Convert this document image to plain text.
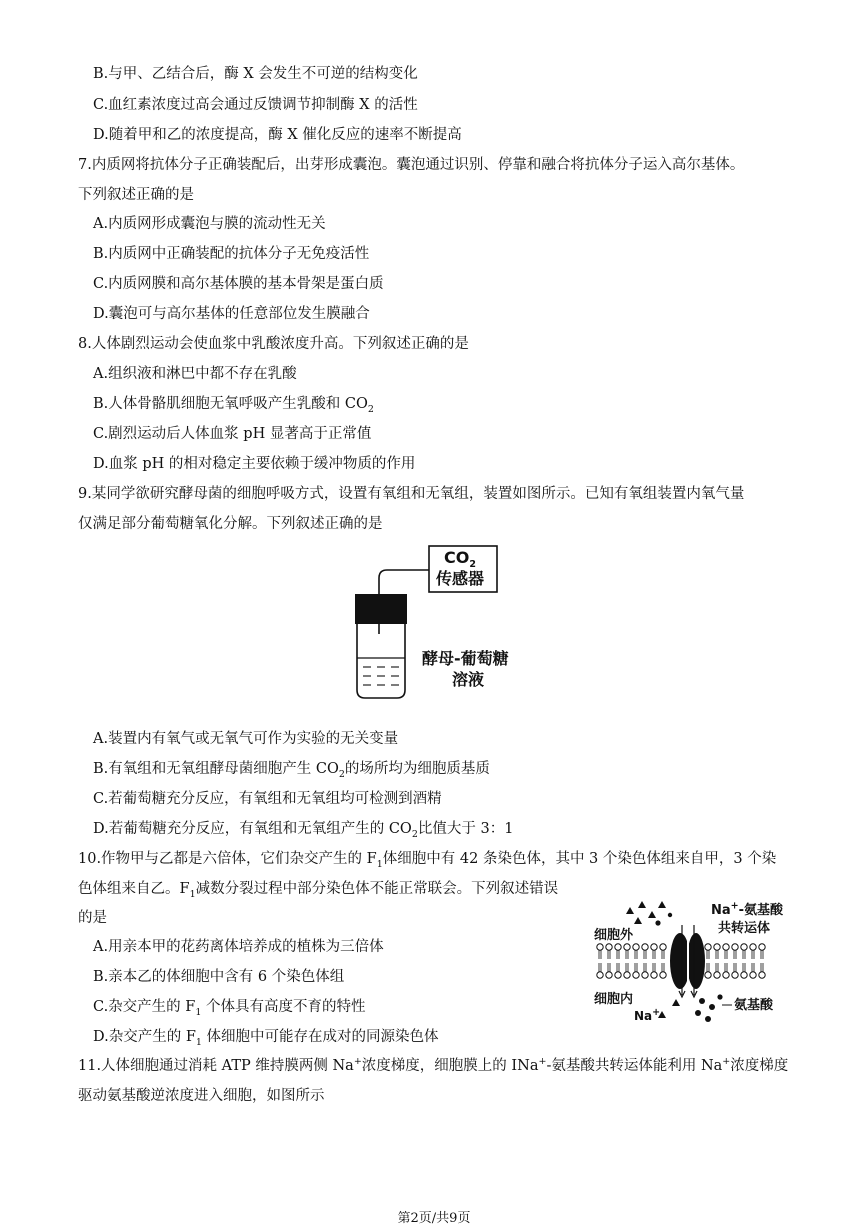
B.与甲、乙结合后，酶 X 会发生不可逆的结构变化
C.血红素浓度过高会通过反馈调节抑制酶 X 的活性
D.随着甲和乙的浓度提高，酶 X 催化反应的速率不断提高
7.内质网将抗体分子正确装配后，出芽形成囊泡。囊泡通过识别、停靠和融合将抗体分子运入高尔基体。
下列叙述正确的是
A.内质网形成囊泡与膜的流动性无关
B.内质网中正确装配的抗体分子无免疫活性
C.内质网膜和高尔基体膜的基本骨架是蛋白质
D.囊泡可与高尔基体的任意部位发生膜融合
8.人体剧烈运动会使血浆中乳酸浓度升高。下列叙述正确的是
A.组织液和淋巴中都不存在乳酸
B.人体骨骼肌细胞无氧呼吸产生乳酸和 $CO_2$
C.剧烈运动后人体血浆 pH 显著高于正常值
D.血浆 pH 的相对稳定主要依赖于缓冲物质的作用
9.某同学欲研究酵母菌的细胞呼吸方式，设置有氧组和无氧组，装置如图所示。已知有氧组装置内氧气量
仅满足部分葡萄糖氧化分解。下列叙述正确的是
$CO_2$
传感器
酵母-葡萄糖
溶液
A.装置内有氧气或无氧气可作为实验的无关变量
B.有氧组和无氧组酵母菌细胞产生 $CO_2$的场所均为细胞质基质
C.若葡萄糖充分反应，有氧组和无氧组均可检测到酒精
D.若葡萄糖充分反应，有氧组和无氧组产生的 $CO_2$比值大于 3：1
10.作物甲与乙都是六倍体，它们杂交产生的 $F_1$体细胞中有 42 条染色体，其中 3 个染色体组来自甲，3 个染
色体组来自乙。$F_1$减数分裂过程中部分染色体不能正常联会。下列叙述错误
的是
A.用亲本甲的花药离体培养成的植株为三倍体
B.亲本乙的体细胞中含有 6 个染色体组
C.杂交产生的 $F_1$ 个体具有高度不育的特性
D.杂交产生的 $F_1$ 体细胞中可能存在成对的同源染色体
Na+-氨基酸
共转运体
细胞外
细胞内
Na+	氨基酸
11.人体细胞通过消耗 ATP 维持膜两侧 Na+浓度梯度，细胞膜上的 INa+-氨基酸共转运体能利用 Na+浓度梯度
驱动氨基酸逆浓度进入细胞，如图所示
第2页/共9页
